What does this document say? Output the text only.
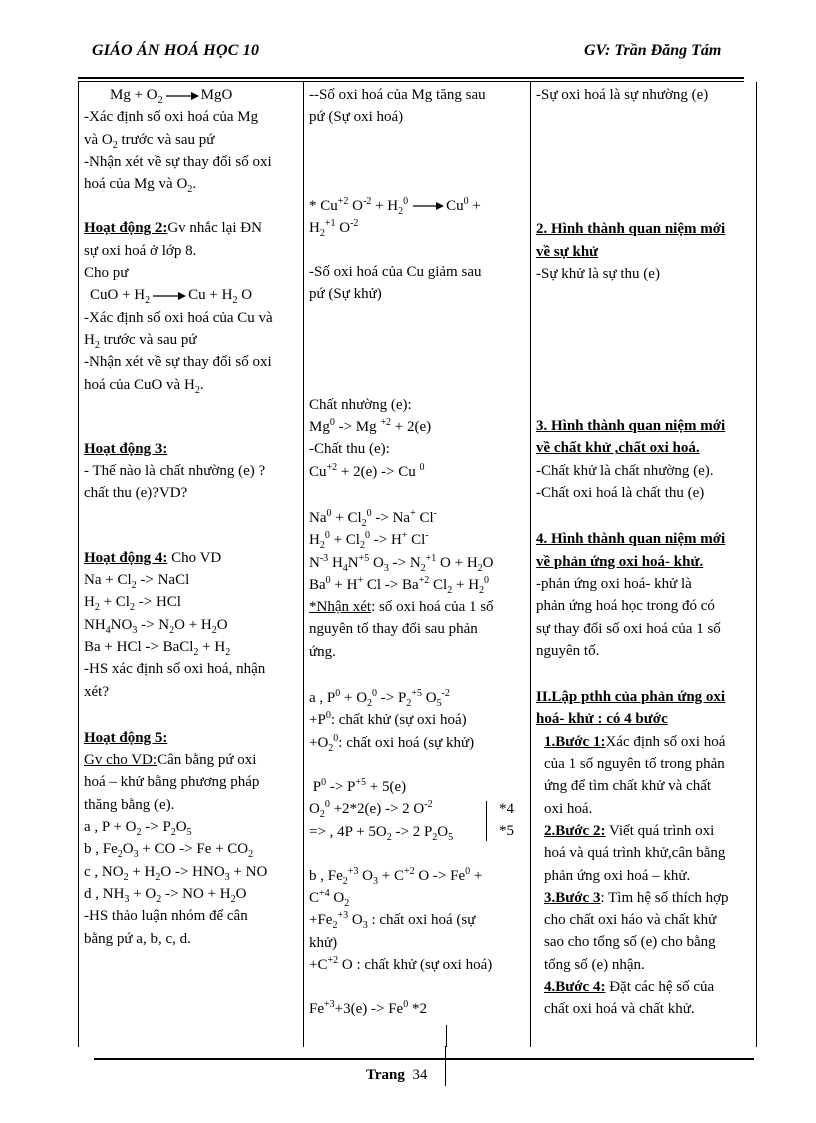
GIÁO ÁN HOÁ HỌC 10	GV: Trần Đăng Tám

$Mg + O_2$	MgO

-Xác định số oxi hoá của Mg

và $O_2$ trước và sau pứ

-Nhận xét về sự thay đổi số oxi

hoá của Mg và $O_2$.

Hoạt động 2:Gv nhắc lại ĐN

sự oxi hoá ở lớp 8.

Cho pư

CuO + $H_2$	$Cu + H_2$ O

-Xác định số oxi hoá của Cu và

$H_2$ trước và sau pứ

-Nhận xét về sự thay đổi số oxi

hoá của CuO và $H_2$.

Hoạt động 3:

- Thế nào là chất nhường (e) ?

chất thu (e)?VD?

Hoạt động 4: Cho VD

$Na + Cl_2$ -> NaCl

$H_2 + Cl_2$ -> HCl

$NH_4NO_3 -> N_2O + H_2O$

Ba + HCl -> BaCl$_2$ + $H_2$

-HS xác định số oxi hoá, nhận

xét?

Hoạt động 5:

Gv cho VD:Cân bằng pứ oxi

hoá – khử bằng phương pháp

thăng bằng (e).

a , $P + O_2 -> P_2O_5$

b , $Fe_2O_3$ + CO -> $Fe + CO_2$

c , $NO_2 + H_2O -> HNO_3$ + NO

d , $NH_3 + O_2$ -> NO + $H_2O$

-HS thảo luận nhóm để cân

bằng pứ a, b, c, d.

--Số oxi hoá của Mg tăng sau

pứ (Sự oxi hoá)

* $Cu^{+2}$ $O^{-2} + H_2^0$	$Cu^0$ +

$H_2^{+1}$ $O^{-2}$

-Số oxi hoá của Cu giảm sau

pứ (Sự khử)

Chất nhường (e):

Mg$^0$ -> Mg $^{+2}$ + 2(e)

-Chất thu (e):

$Cu^{+2} + 2(e) -> Cu$ $^0$

$Na^0 + Cl_2^0 -> Na^+$ Cl-

$H_2^0 + Cl_2^0 -> H^+$ Cl-

$N^{-3}$ $H_4N^{+5}$ $O_3 -> N_2^{+1}$ $O + H_2O$

$Ba^0 + H^+$ $Cl -> Ba^{+2}$ $Cl_2 + H_2^0$

*Nhận xét: số oxi hoá của 1 số

nguyên tố thay đổi sau phản

ứng.

a , $P^0 + O_2^0 -> P_2^{+5}$ $O_5^{-2}$

$+P^0$: chất khử (sự oxi hoá)

$+O_2^0$: chất oxi hoá (sự khử)

$P^0 -> P^{+5} + 5(e)$

$O_2^0 +2*2(e) -> 2$ $O^{-2}$

=> , $4P + 5O_2 -> 2$ $P_2O_5$

b , $Fe_2^{+3}$ $O_3 + C^{+2}$ $O -> Fe^0$ +

$C^{+4}$ $O_2$

$+Fe_2^{+3}$ $O_3$ : chất oxi hoá (sự

khử)

$+C^{+2}$ O : chất khử (sự oxi hoá)

$Fe^{+3}+3(e) -> Fe^0$ *2

*4
*5

-Sự oxi hoá là sự nhường (e)

2. Hình thành quan niệm mới

về sự khử

-Sự khử là sự thu (e)

3. Hình thành quan niệm mới

về chất khử ,chất oxi hoá.

-Chất khử là chất nhường (e).

-Chất oxi hoá là chất thu (e)

4. Hình thành quan niệm mới

về phản ứng oxi hoá- khử.

-phản ứng oxi hoá- khử là

phản ứng hoá học trong đó có

sự thay đổi số oxi hoá của 1 số

nguyên tố.

II.Lập pthh của phản ứng oxi

hoá- khử : có 4 bước

1.Bước 1:Xác định số oxi hoá

của 1 số nguyên tố trong phản

ứng để tìm chất khử và chất

oxi hoá.

2.Bước 2: Viết quá trình oxi

hoá và quá trình khử,cân bằng

phản ứng oxi hoá – khử.

3.Bước 3: Tìm hệ số thích hợp

cho chất oxi háo và chất khử

sao cho tổng số (e) cho bằng

tổng số (e) nhận.

4.Bước 4: Đặt các hệ số của

chất oxi hoá và chất khử.

Trang 34
